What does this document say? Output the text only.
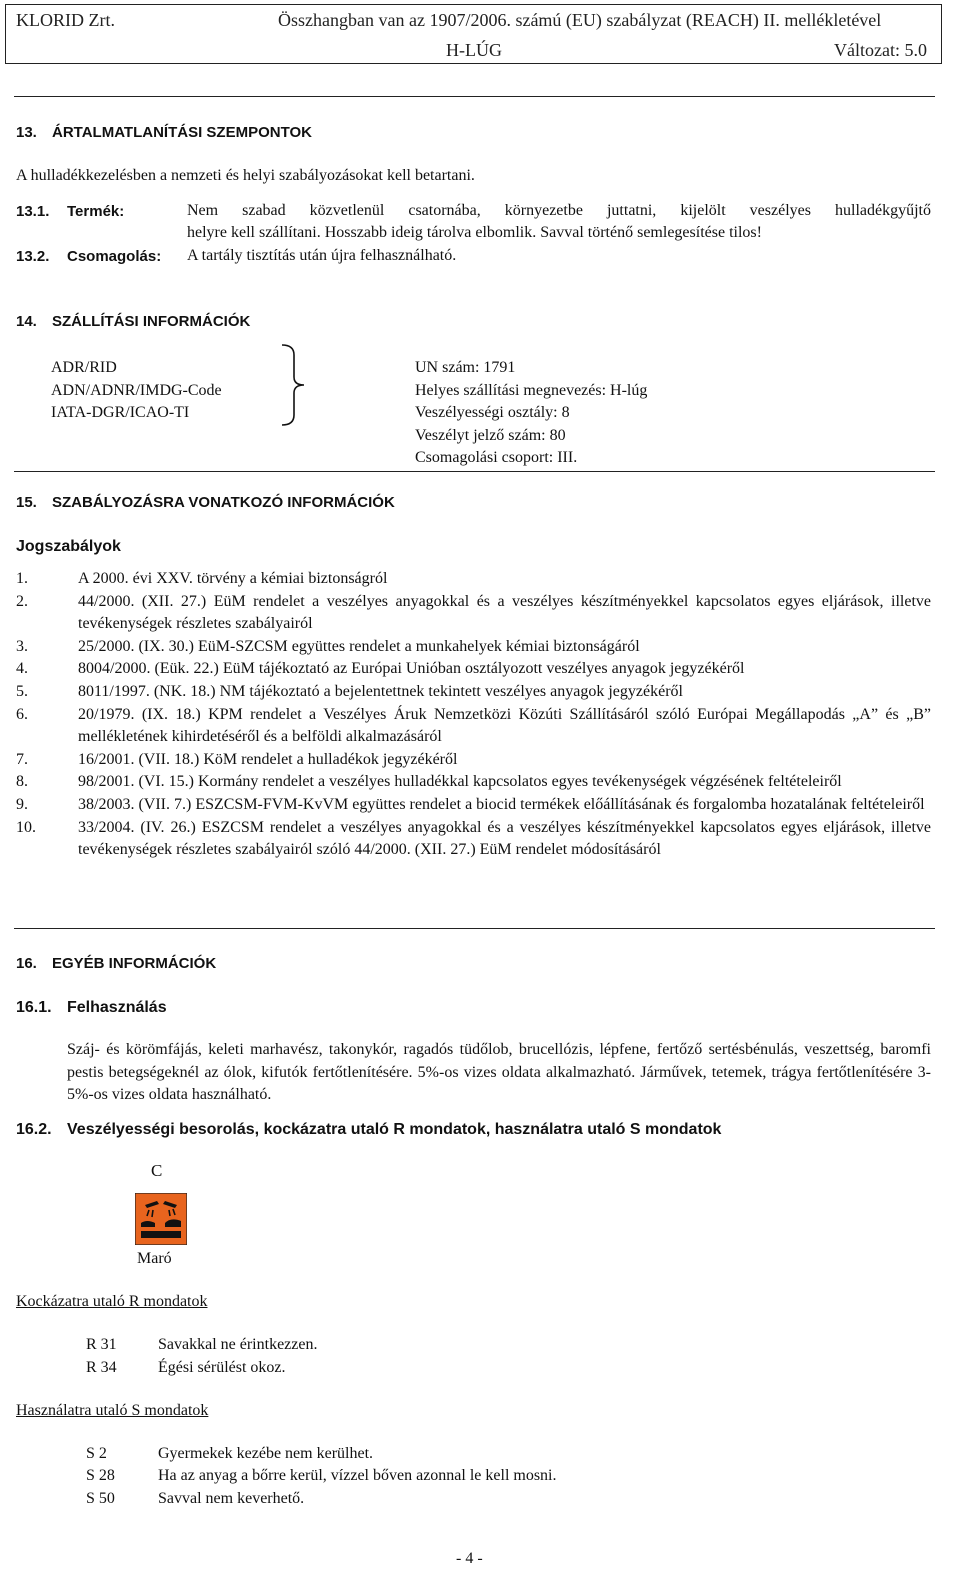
KLORID Zrt.	Összhangban van az 1907/2006. számú (EU) szabályzat (REACH) II. mellékletével
H-LÚG	Változat: 5.0
13. ÁRTALMATLANÍTÁSI SZEMPONTOK
A hulladékkezelésben a nemzeti és helyi szabályozásokat kell betartani.
13.1. Termék:	Nem szabad közvetlenül csatornába, környezetbe juttatni, kijelölt veszélyes hulladékgyűjtő
helyre kell szállítani. Hosszabb ideig tárolva elbomlik. Savval történő semlegesítése tilos!
13.2. Csomagolás: A tartály tisztítás után újra felhasználható.
14. SZÁLLÍTÁSI INFORMÁCIÓK
ADR/RID
ADN/ADNR/IMDG-Code
IATA-DGR/ICAO-TI
UN szám: 1791
Helyes szállítási megnevezés: H-lúg
Veszélyességi osztály: 8
Veszélyt jelző szám: 80
Csomagolási csoport: III.
15. SZABÁLYOZÁSRA VONATKOZÓ INFORMÁCIÓK
Jogszabályok
1.	A 2000. évi XXV. törvény a kémiai biztonságról
2.	44/2000. (XII. 27.) EüM rendelet a veszélyes anyagokkal és a veszélyes készítményekkel kapcsolatos egyes eljárások, illetve tevékenységek részletes szabályairól
3.	25/2000. (IX. 30.) EüM-SZCSM együttes rendelet a munkahelyek kémiai biztonságáról
4.	8004/2000. (Eük. 22.) EüM tájékoztató az Európai Unióban osztályozott veszélyes anyagok jegyzékéről
5.	8011/1997. (NK. 18.) NM tájékoztató a bejelentettnek tekintett veszélyes anyagok jegyzékéről
6.	20/1979. (IX. 18.) KPM rendelet a Veszélyes Áruk Nemzetközi Közúti Szállításáról szóló Európai Megállapodás „A” és „B” mellékletének kihirdetéséről és a belföldi alkalmazásáról
7.	16/2001. (VII. 18.) KöM rendelet a hulladékok jegyzékéről
8.	98/2001. (VI. 15.) Kormány rendelet a veszélyes hulladékkal kapcsolatos egyes tevékenységek végzésének feltételeiről
9.	38/2003. (VII. 7.) ESZCSM-FVM-KvVM együttes rendelet a biocid termékek előállításának és forgalomba hozatalának feltételeiről
10.	33/2004. (IV. 26.) ESZCSM rendelet a veszélyes anyagokkal és a veszélyes készítményekkel kapcsolatos egyes eljárások, illetve tevékenységek részletes szabályairól szóló 44/2000. (XII. 27.) EüM rendelet módosításáról
16. EGYÉB INFORMÁCIÓK
16.1. Felhasználás
Száj- és körömfájás, keleti marhavész, takonykór, ragadós tüdőlob, brucellózis, lépfene, fertőző sertésbénulás, veszettség, baromfi pestis betegségeknél az ólok, kifutók fertőtlenítésére. 5%-os vizes oldata alkalmazható. Járművek, tetemek, trágya fertőtlenítésére 3-5%-os vizes oldata használható.
16.2. Veszélyességi besorolás, kockázatra utaló R mondatok, használatra utaló S mondatok
C
Maró
Kockázatra utaló R mondatok
R 31	Savakkal ne érintkezzen.
R 34	Égési sérülést okoz.
Használatra utaló S mondatok
S 2	Gyermekek kezébe nem kerülhet.
S 28	Ha az anyag a bőrre kerül, vízzel bőven azonnal le kell mosni.
S 50	Savval nem keverhető.
- 4 -
